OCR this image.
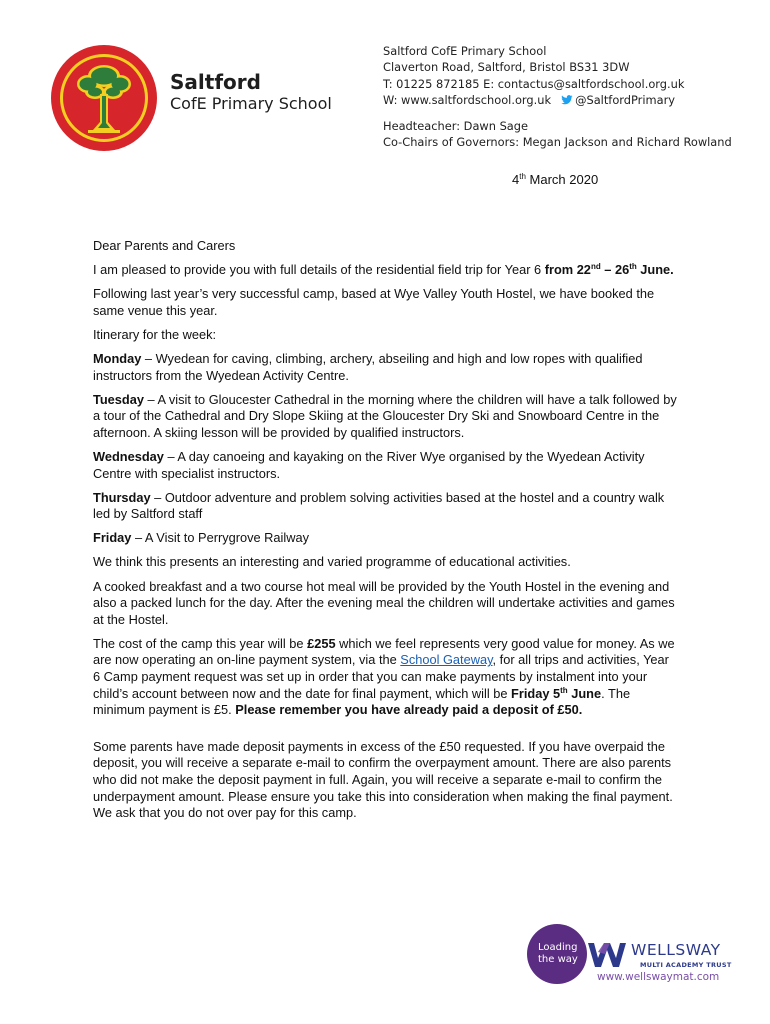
Saltford
CofE Primary School
Saltford CofE Primary School
Claverton Road, Saltford, Bristol BS31 3DW
T: 01225 872185 E: contactus@saltfordschool.org.uk
W: www.saltfordschool.org.uk @SaltfordPrimary
Headteacher: Dawn Sage
Co-Chairs of Governors: Megan Jackson and Richard Rowland
4th March 2020

Dear Parents and Carers

I am pleased to provide you with full details of the residential field trip for Year 6 from 22nd – 26th June.

Following last year’s very successful camp, based at Wye Valley Youth Hostel, we have booked the same venue this year.

Itinerary for the week:

Monday – Wyedean for caving, climbing, archery, abseiling and high and low ropes with qualified instructors from the Wyedean Activity Centre.

Tuesday – A visit to Gloucester Cathedral in the morning where the children will have a talk followed by a tour of the Cathedral and Dry Slope Skiing at the Gloucester Dry Ski and Snowboard Centre in the afternoon. A skiing lesson will be provided by qualified instructors.

Wednesday – A day canoeing and kayaking on the River Wye organised by the Wyedean Activity Centre with specialist instructors.

Thursday – Outdoor adventure and problem solving activities based at the hostel and a country walk led by Saltford staff

Friday – A Visit to Perrygrove Railway

We think this presents an interesting and varied programme of educational activities.

A cooked breakfast and a two course hot meal will be provided by the Youth Hostel in the evening and also a packed lunch for the day. After the evening meal the children will undertake activities and games at the Hostel.

The cost of the camp this year will be £255 which we feel represents very good value for money. As we are now operating an on-line payment system, via the School Gateway, for all trips and activities, Year 6 Camp payment request was set up in order that you can make payments by instalment into your child’s account between now and the date for final payment, which will be Friday 5th June. The minimum payment is £5. Please remember you have already paid a deposit of £50.

Some parents have made deposit payments in excess of the £50 requested. If you have overpaid the deposit, you will receive a separate e-mail to confirm the overpayment amount. There are also parents who did not make the deposit payment in full. Again, you will receive a separate e-mail to confirm the underpayment amount. Please ensure you take this into consideration when making the final payment. We ask that you do not over pay for this camp.

Loading
the way
WELLSWAY
MULTI ACADEMY TRUST
www.wellswaymat.com
